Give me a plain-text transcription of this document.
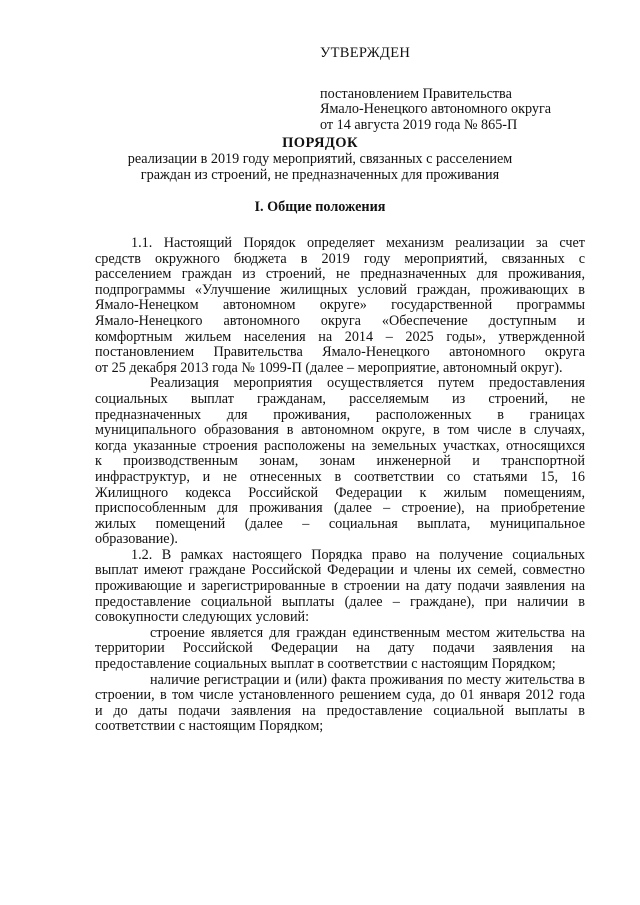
УТВЕРЖДЕН

постановлением Правительства
Ямало-Ненецкого автономного округа
от 14 августа 2019 года № 865-П
ПОРЯДОК
реализации в 2019 году мероприятий, связанных с расселением
граждан из строений, не предназначенных для проживания
I. Общие положения

1.1. Настоящий Порядок определяет механизм реализации за счет
средств окружного бюджета в 2019 году мероприятий, связанных с
расселением граждан из строений, не предназначенных для проживания,
подпрограммы «Улучшение жилищных условий граждан, проживающих в
Ямало-Ненецком автономном округе» государственной программы
Ямало-Ненецкого автономного округа «Обеспечение доступным и
комфортным жильем населения на 2014 – 2025 годы», утвержденной
постановлением Правительства Ямало-Ненецкого автономного округа
от 25 декабря 2013 года № 1099-П (далее – мероприятие, автономный округ).

Реализация мероприятия осуществляется путем предоставления
социальных выплат гражданам, расселяемым из строений, не
предназначенных для проживания, расположенных в границах
муниципального образования в автономном округе, в том числе в случаях,
когда указанные строения расположены на земельных участках, относящихся
к производственным зонам, зонам инженерной и транспортной
инфраструктур, и не отнесенных в соответствии со статьями 15, 16
Жилищного кодекса Российской Федерации к жилым помещениям,
приспособленным для проживания (далее – строение), на приобретение
жилых помещений (далее – социальная выплата, муниципальное
образование).

1.2. В рамках настоящего Порядка право на получение социальных
выплат имеют граждане Российской Федерации и члены их семей, совместно
проживающие и зарегистрированные в строении на дату подачи заявления на
предоставление социальной выплаты (далее – граждане), при наличии в
совокупности следующих условий:

строение является для граждан единственным местом жительства на
территории Российской Федерации на дату подачи заявления на
предоставление социальных выплат в соответствии с настоящим Порядком;

наличие регистрации и (или) факта проживания по месту жительства в
строении, в том числе установленного решением суда, до 01 января 2012 года
и до даты подачи заявления на предоставление социальной выплаты в
соответствии с настоящим Порядком;
